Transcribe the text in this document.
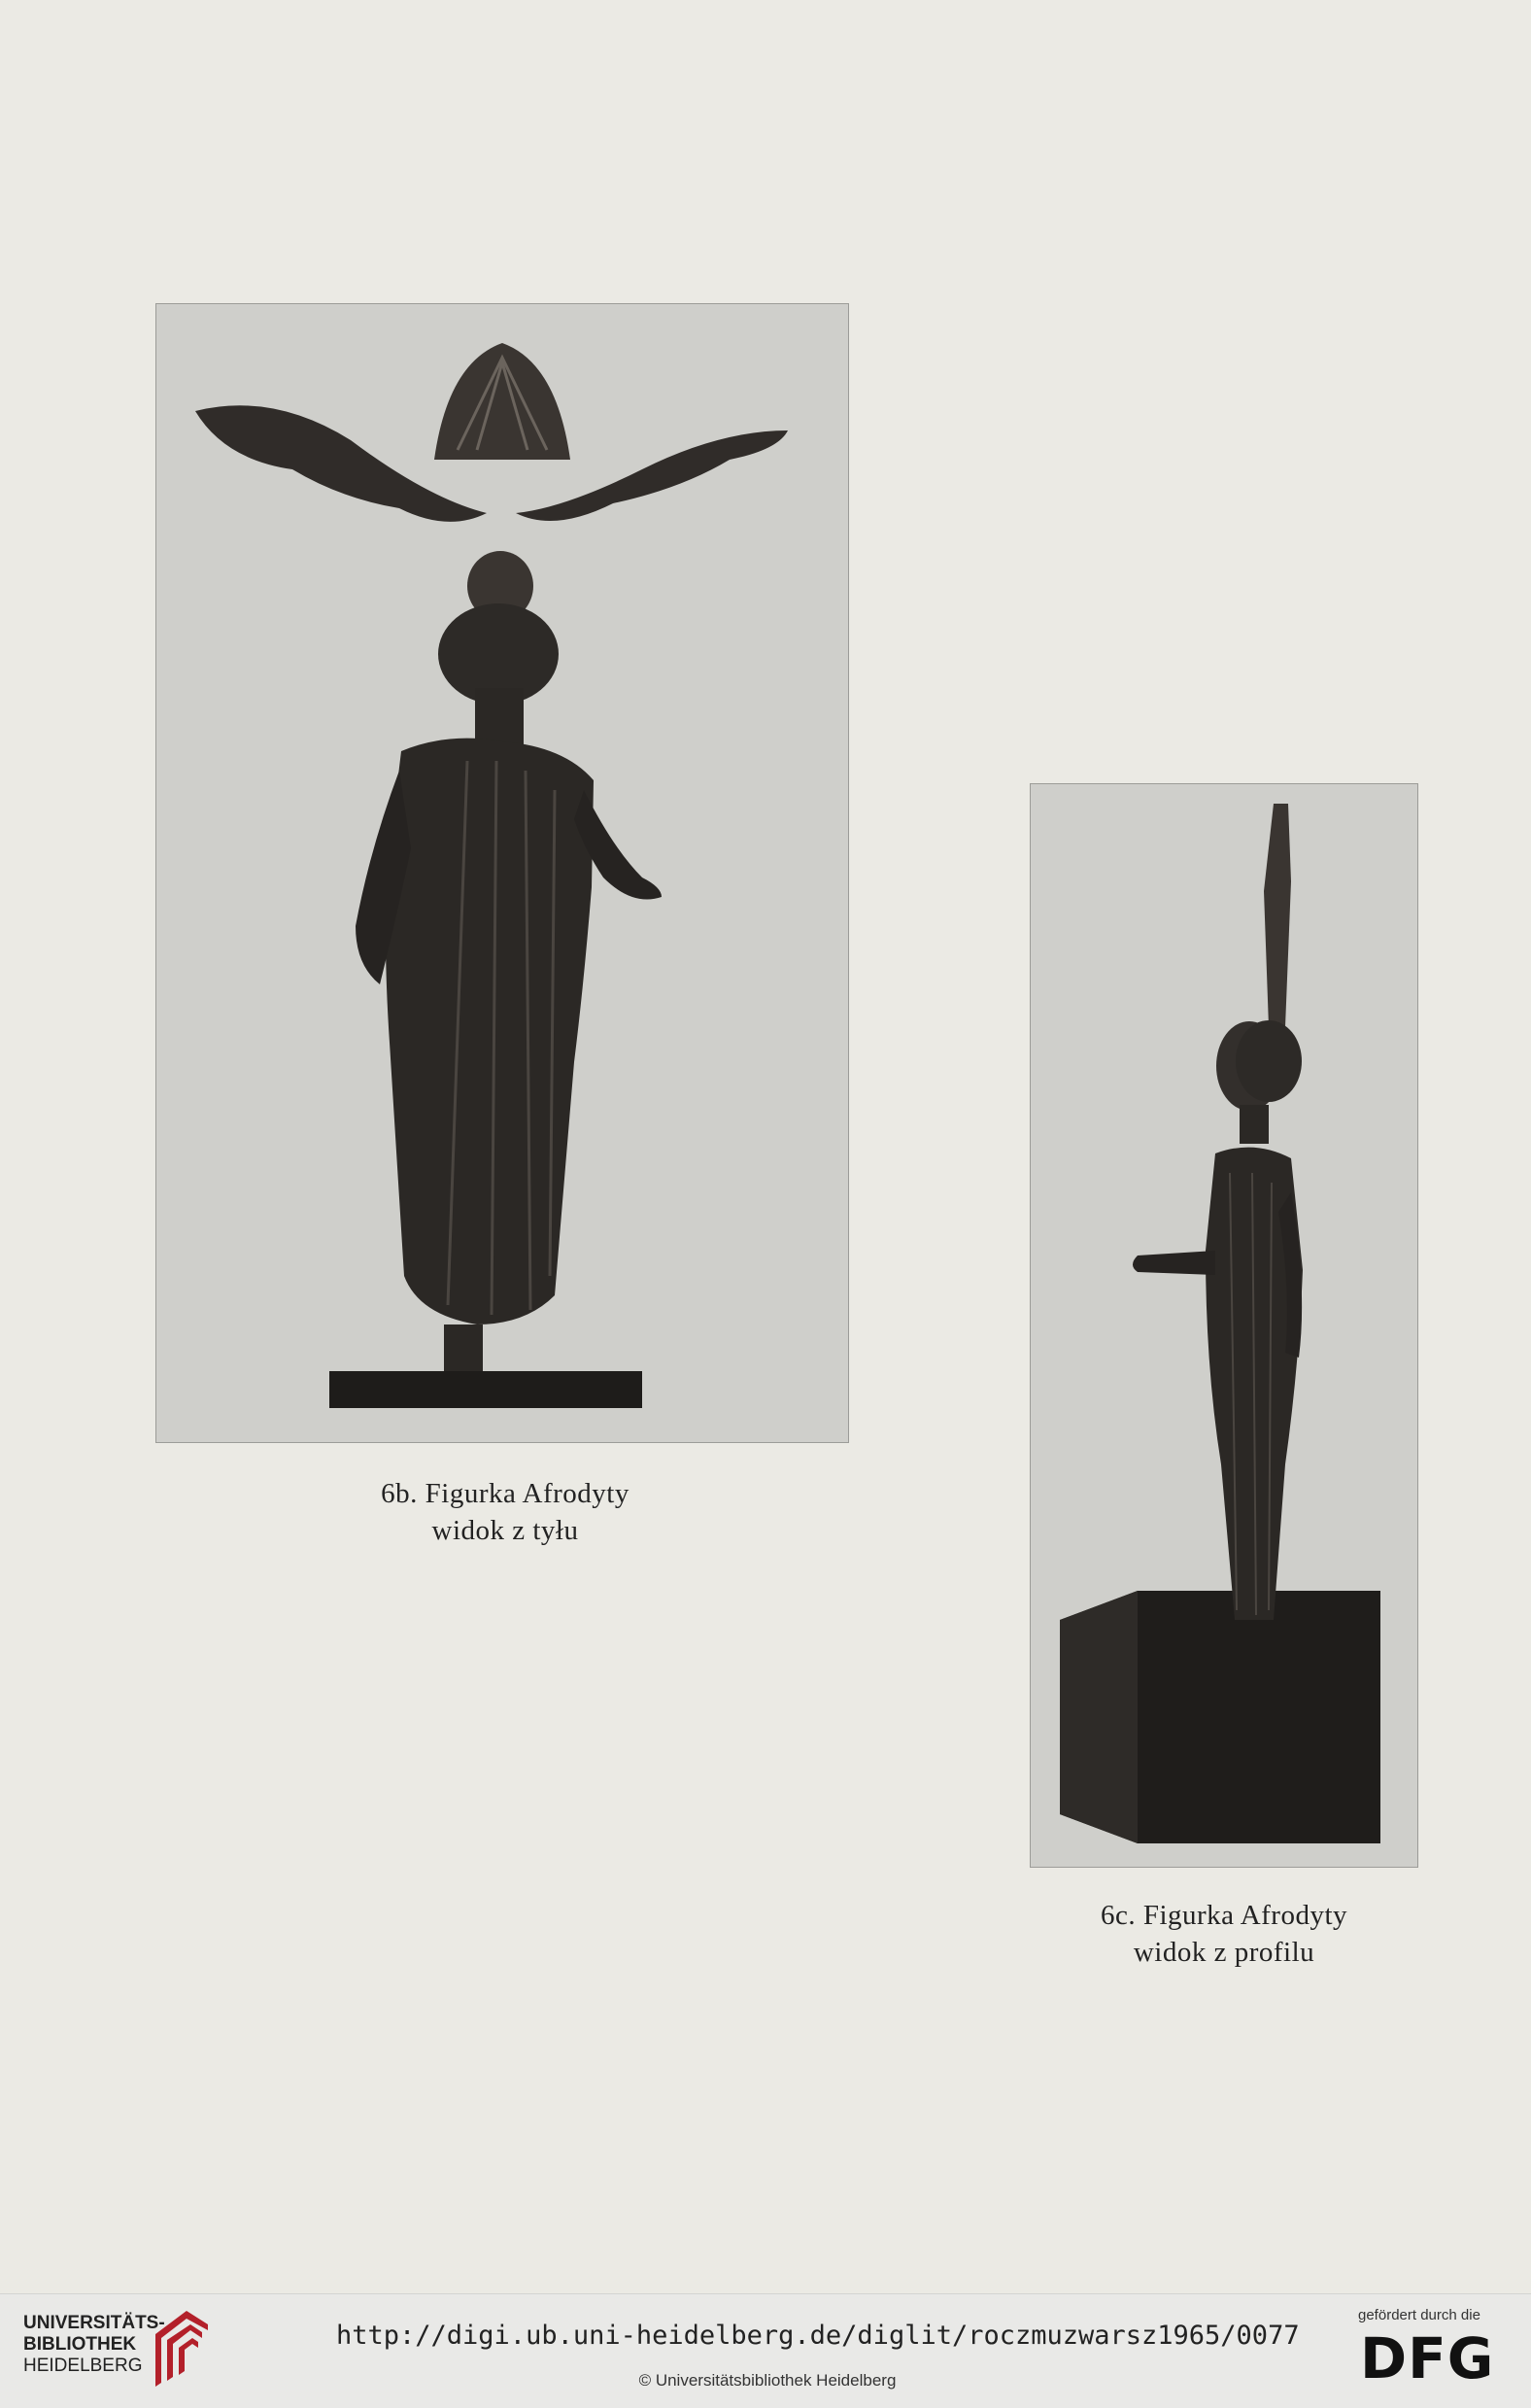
6b. Figurka Afrodyty
widok z tyłu
6c. Figurka Afrodyty
widok z profilu
UNIVERSITÄTS-
BIBLIOTHEK
HEIDELBERG
http://digi.ub.uni-heidelberg.de/diglit/roczmuzwarsz1965/0077
© Universitätsbibliothek Heidelberg
gefördert durch die
DFG
